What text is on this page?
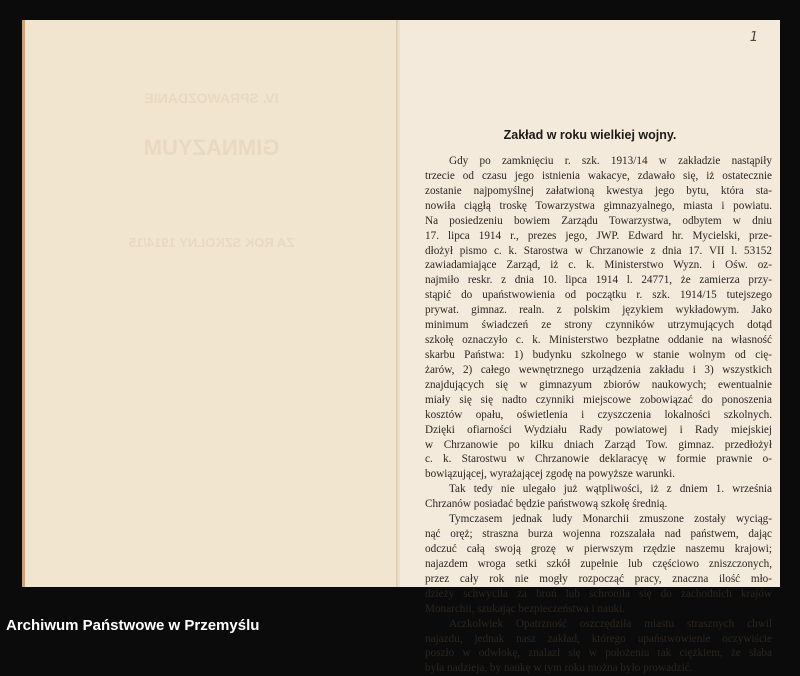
IV. SPRAWOZDANIE
GIMNAZYUM
ZA ROK SZKOLNY 1914/15
1
Zakład w roku wielkiej wojny.
Gdy po zamknięciu r. szk. 1913/14 w zakładzie nastąpiły
trzecie od czasu jego istnienia wakacye, zdawało się, iż ostatecznie
zostanie najpomyślnej załatwioną kwestya jego bytu, która sta-
nowiła ciągłą troskę Towarzystwa gimnazyalnego, miasta i powiatu.
Na posiedzeniu bowiem Zarządu Towarzystwa, odbytem w dniu
17. lipca 1914 r., prezes jego, JWP. Edward hr. Mycielski, prze-
dłożył pismo c. k. Starostwa w Chrzanowie z dnia 17. VII l. 53152
zawiadamiające Zarząd, iż c. k. Ministerstwo Wyzn. i Ośw. oz-
najmiło reskr. z dnia 10. lipca 1914 l. 24771, że zamierza przy-
stąpić do upaństwowienia od początku r. szk. 1914/15 tutejszego
prywat. gimnaz. realn. z polskim językiem wykładowym. Jako
minimum świadczeń ze strony czynników utrzymujących dotąd
szkołę oznaczyło c. k. Ministerstwo bezpłatne oddanie na własność
skarbu Państwa: 1) budynku szkolnego w stanie wolnym od cię-
żarów, 2) całego wewnętrznego urządzenia zakładu i 3) wszystkich
znajdujących się w gimnazyum zbiorów naukowych; ewentualnie
miały się się nadto czynniki miejscowe zobowiązać do ponoszenia
kosztów opału, oświetlenia i czyszczenia lokalności szkolnych.
Dzięki ofiarności Wydziału Rady powiatowej i Rady miejskiej
w Chrzanowie po kilku dniach Zarząd Tow. gimnaz. przedłożył
c. k. Starostwu w Chrzanowie deklaracyę w formie prawnie o-
bowiązującej, wyrażającej zgodę na powyższe warunki.
Tak tedy nie ulegało już wątpliwości, iż z dniem 1. września
Chrzanów posiadać będzie państwową szkołę średnią.
Tymczasem jednak ludy Monarchii zmuszone zostały wyciąg-
nąć oręż; straszna burza wojenna rozszalała nad państwem, dając
odczuć całą swoją grozę w pierwszym rzędzie naszemu krajowi;
najazdem wroga setki szkół zupełnie lub częściowo zniszczonych,
przez cały rok nie mogły rozpocząć pracy, znaczna ilość mło-
dzieży schwyciła za broń lub schroniła się do zachodnich krajów
Monarchii, szukając bezpieczeństwa i nauki.
Aczkolwiek Opatrzność oszczędziła miastu strasznych chwil
najazdu, jednak nasz zakład, którego upaństwowienie oczywiście
poszło w odwłokę, znalazł się w położeniu tak ciężkiem, że słaba
była nadzieja, by naukę w tym roku można było prowadzić.
Archiwum Państwowe w Przemyślu
